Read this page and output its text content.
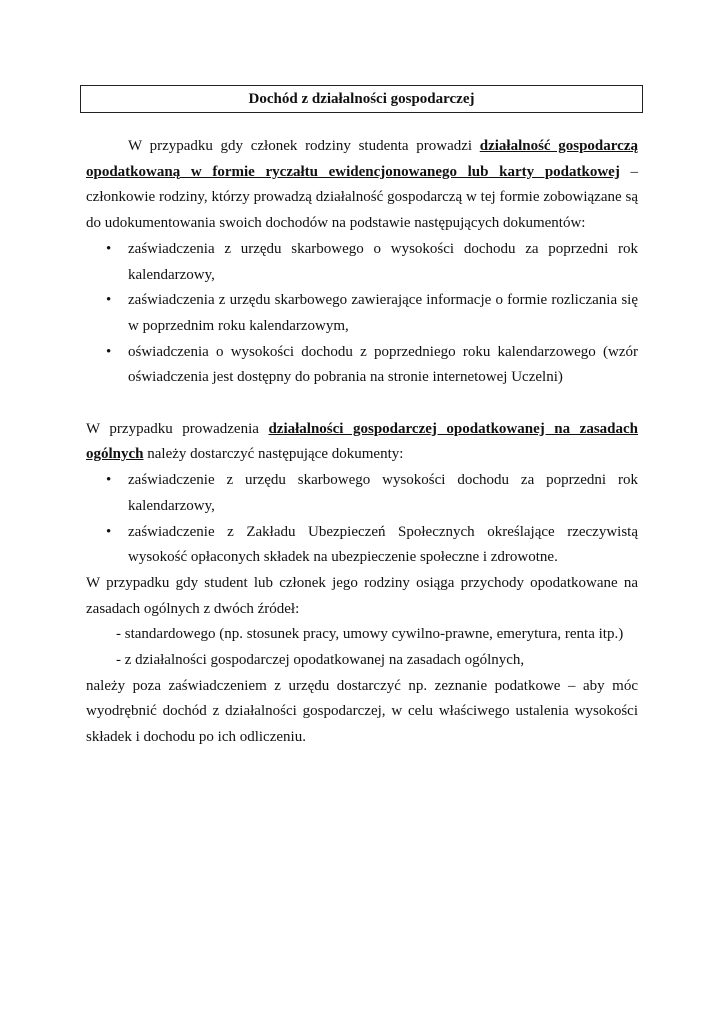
Dochód z działalności gospodarczej

W przypadku gdy członek rodziny studenta prowadzi działalność gospodarczą opodatkowaną w formie ryczałtu ewidencjonowanego lub karty podatkowej – członkowie rodziny, którzy prowadzą działalność gospodarczą w tej formie zobowiązane są do udokumentowania swoich dochodów na podstawie następujących dokumentów:

• zaświadczenia z urzędu skarbowego o wysokości dochodu za poprzedni rok kalendarzowy,
• zaświadczenia z urzędu skarbowego zawierające informacje o formie rozliczania się w poprzednim roku kalendarzowym,
• oświadczenia o wysokości dochodu z poprzedniego roku kalendarzowego (wzór oświadczenia jest dostępny do pobrania na stronie internetowej Uczelni)

W przypadku prowadzenia działalności gospodarczej opodatkowanej na zasadach ogólnych należy dostarczyć następujące dokumenty:

• zaświadczenie z urzędu skarbowego wysokości dochodu za poprzedni rok kalendarzowy,
• zaświadczenie z Zakładu Ubezpieczeń Społecznych określające rzeczywistą wysokość opłaconych składek na ubezpieczenie społeczne i zdrowotne.

W przypadku gdy student lub członek jego rodziny osiąga przychody opodatkowane na zasadach ogólnych z dwóch źródeł:

- standardowego (np. stosunek pracy, umowy cywilno-prawne, emerytura, renta itp.)
- z działalności gospodarczej opodatkowanej na zasadach ogólnych,

należy poza zaświadczeniem z urzędu dostarczyć np. zeznanie podatkowe – aby móc wyodrębnić dochód z działalności gospodarczej, w celu właściwego ustalenia wysokości składek i dochodu po ich odliczeniu.
